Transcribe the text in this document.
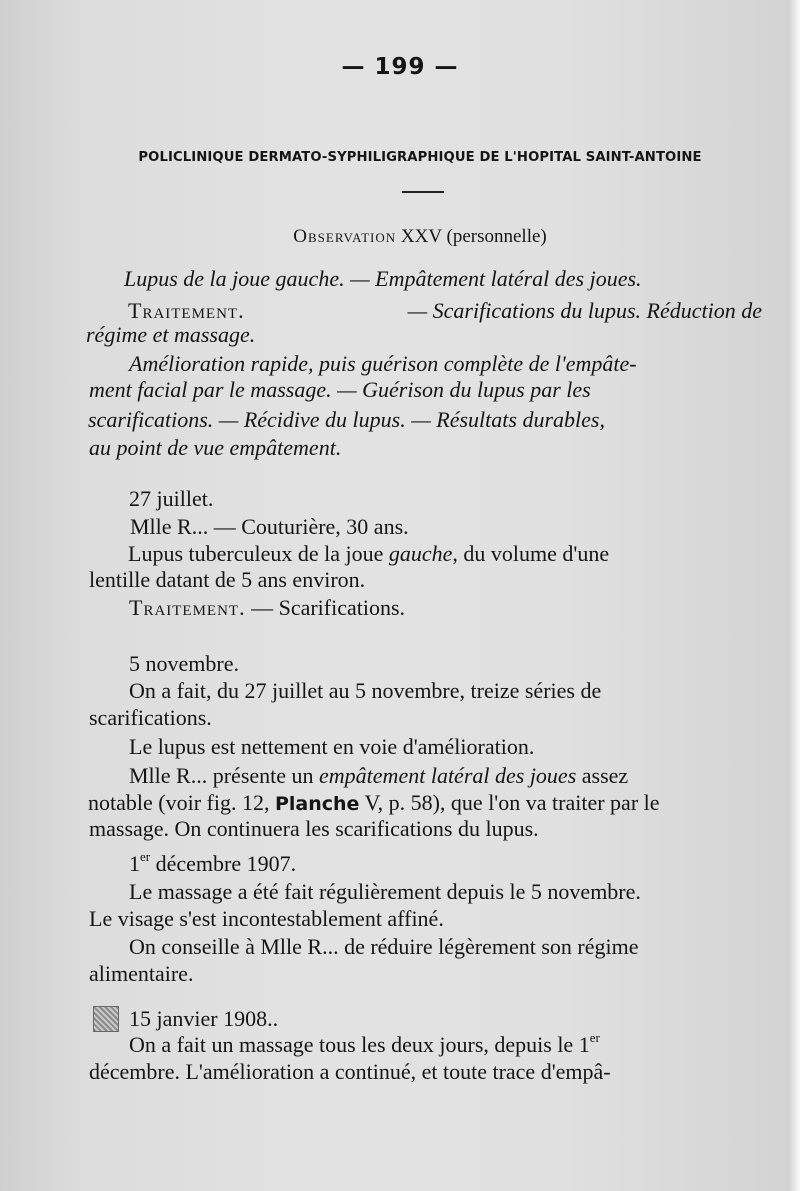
— 199 —
POLICLINIQUE DERMATO-SYPHILIGRAPHIQUE DE L'HOPITAL SAINT-ANTOINE
Observation XXV (personnelle)
Lupus de la joue gauche. — Empâtement latéral des joues.
Traitement.	— Scarifications du lupus. Réduction de
régime et massage.
Amélioration rapide, puis guérison complète de l'empâte-
ment facial par le massage. — Guérison du lupus par les
scarifications. — Récidive du lupus. — Résultats durables,
au point de vue empâtement.
27 juillet.
Mlle R... — Couturière, 30 ans.
Lupus tuberculeux de la joue gauche, du volume d'une
lentille datant de 5 ans environ.
Traitement. — Scarifications.
5 novembre.
On a fait, du 27 juillet au 5 novembre, treize séries de
scarifications.
Le lupus est nettement en voie d'amélioration.
Mlle R... présente un empâtement latéral des joues assez
notable (voir fig. 12, Planche V, p. 58), que l'on va traiter par le
massage. On continuera les scarifications du lupus.
1er décembre 1907.
Le massage a été fait régulièrement depuis le 5 novembre.
Le visage s'est incontestablement affiné.
On conseille à Mlle R... de réduire légèrement son régime
alimentaire.
15 janvier 1908..
On a fait un massage tous les deux jours, depuis le 1er
décembre. L'amélioration a continué, et toute trace d'empâ-
